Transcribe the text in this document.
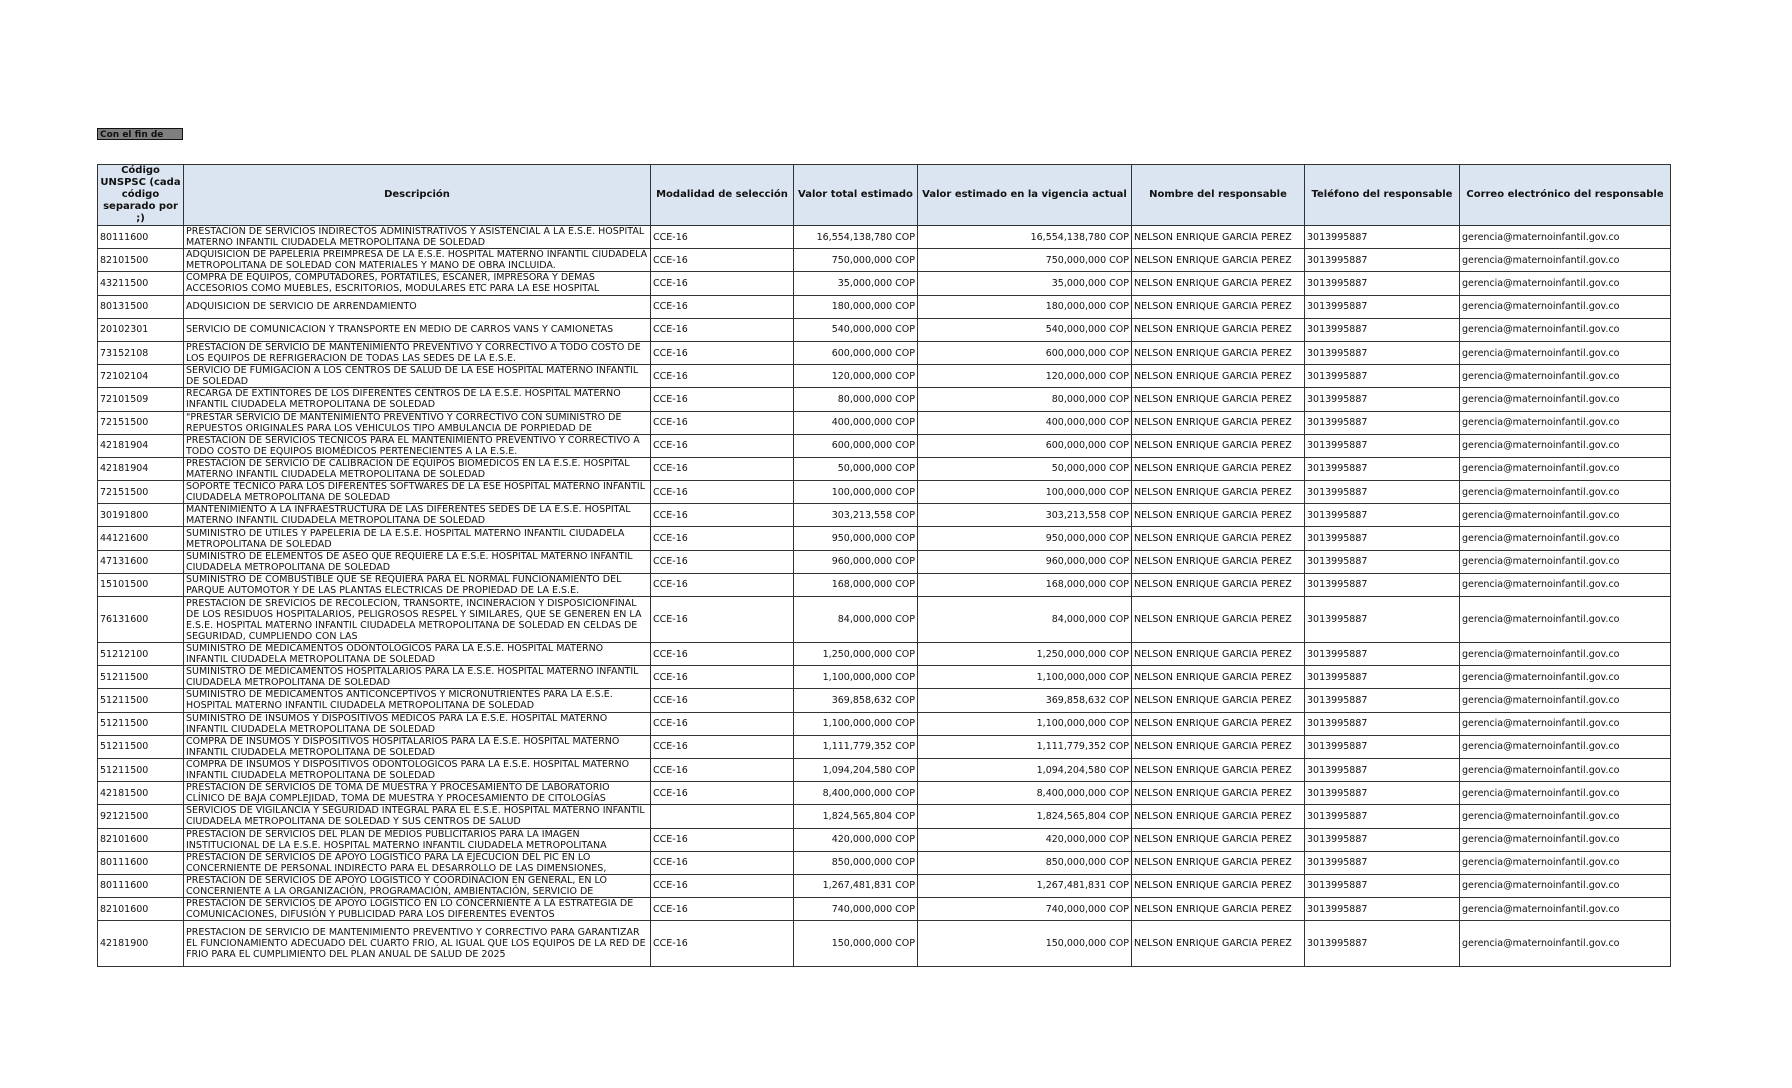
Con el fin de
Código UNSPSC (cada código separado por ;)	Descripción	Modalidad de selección	Valor total estimado	Valor estimado en la vigencia actual	Nombre del responsable	Teléfono del responsable	Correo electrónico del responsable
80111600	PRESTACION DE SERVICIOS INDIRECTOS ADMINISTRATIVOS Y ASISTENCIAL A LA E.S.E. HOSPITAL MATERNO INFANTIL CIUDADELA METROPOLITANA DE SOLEDAD	CCE-16	16,554,138,780 COP	16,554,138,780 COP	NELSON ENRIQUE GARCIA PEREZ	3013995887	gerencia@maternoinfantil.gov.co
82101500	ADQUISICION DE PAPELERIA PREIMPRESA DE LA E.S.E. HOSPITAL MATERNO INFANTIL CIUDADELA METROPOLITANA DE SOLEDAD CON MATERIALES Y MANO DE OBRA INCLUIDA.	CCE-16	750,000,000 COP	750,000,000 COP	NELSON ENRIQUE GARCIA PEREZ	3013995887	gerencia@maternoinfantil.gov.co
43211500	COMPRA DE EQUIPOS, COMPUTADORES, PORTATILES, ESCANER, IMPRESORA Y DEMAS ACCESORIOS COMO MUEBLES, ESCRITORIOS, MODULARES ETC PARA LA ESE HOSPITAL	CCE-16	35,000,000 COP	35,000,000 COP	NELSON ENRIQUE GARCIA PEREZ	3013995887	gerencia@maternoinfantil.gov.co
80131500	ADQUISICION DE SERVICIO DE ARRENDAMIENTO	CCE-16	180,000,000 COP	180,000,000 COP	NELSON ENRIQUE GARCIA PEREZ	3013995887	gerencia@maternoinfantil.gov.co
20102301	SERVICIO DE COMUNICACIÓN Y TRANSPORTE EN MEDIO DE CARROS VANS Y CAMIONETAS	CCE-16	540,000,000 COP	540,000,000 COP	NELSON ENRIQUE GARCIA PEREZ	3013995887	gerencia@maternoinfantil.gov.co
73152108	PRESTACION DE SERVICIO DE MANTENIMIENTO PREVENTIVO Y CORRECTIVO A TODO COSTO DE LOS EQUIPOS DE REFRIGERACION DE TODAS LAS SEDES DE LA E.S.E.	CCE-16	600,000,000 COP	600,000,000 COP	NELSON ENRIQUE GARCIA PEREZ	3013995887	gerencia@maternoinfantil.gov.co
72102104	SERVICIO DE FUMIGACION A LOS CENTROS DE SALUD DE LA ESE HOSPITAL MATERNO INFANTIL DE SOLEDAD	CCE-16	120,000,000 COP	120,000,000 COP	NELSON ENRIQUE GARCIA PEREZ	3013995887	gerencia@maternoinfantil.gov.co
72101509	RECARGA DE EXTINTORES DE LOS DIFERENTES CENTROS DE LA E.S.E. HOSPITAL MATERNO INFANTIL CIUDADELA METROPOLITANA DE SOLEDAD	CCE-16	80,000,000 COP	80,000,000 COP	NELSON ENRIQUE GARCIA PEREZ	3013995887	gerencia@maternoinfantil.gov.co
72151500	"PRESTAR SERVICIO DE MANTENIMIENTO PREVENTIVO Y CORRECTIVO CON SUMINISTRO DE REPUESTOS ORIGINALES PARA LOS VEHICULOS TIPO AMBULANCIA DE PORPIEDAD DE	CCE-16	400,000,000 COP	400,000,000 COP	NELSON ENRIQUE GARCIA PEREZ	3013995887	gerencia@maternoinfantil.gov.co
42181904	PRESTACION DE SERVICIOS TECNICOS PARA EL MANTENIMIENTO PREVENTIVO Y CORRECTIVO A TODO COSTO DE EQUIPOS BIOMÉDICOS PERTENECIENTES A LA E.S.E.	CCE-16	600,000,000 COP	600,000,000 COP	NELSON ENRIQUE GARCIA PEREZ	3013995887	gerencia@maternoinfantil.gov.co
42181904	PRESTACION DE SERVICIO DE CALIBRACION DE EQUIPOS BIOMEDICOS EN LA E.S.E. HOSPITAL MATERNO INFANTIL CIUDADELA METROPOLITANA DE SOLEDAD	CCE-16	50,000,000 COP	50,000,000 COP	NELSON ENRIQUE GARCIA PEREZ	3013995887	gerencia@maternoinfantil.gov.co
72151500	SOPORTE TECNICO PARA LOS DIFERENTES SOFTWARES DE LA ESE HOSPITAL MATERNO INFANTIL CIUDADELA METROPOLITANA DE SOLEDAD	CCE-16	100,000,000 COP	100,000,000 COP	NELSON ENRIQUE GARCIA PEREZ	3013995887	gerencia@maternoinfantil.gov.co
30191800	MANTENIMIENTO A LA INFRAESTRUCTURA DE LAS DIFERENTES SEDES DE LA E.S.E. HOSPITAL MATERNO INFANTIL CIUDADELA METROPOLITANA DE SOLEDAD	CCE-16	303,213,558 COP	303,213,558 COP	NELSON ENRIQUE GARCIA PEREZ	3013995887	gerencia@maternoinfantil.gov.co
44121600	SUMINISTRO DE UTILES Y PAPELERIA DE LA E.S.E. HOSPITAL MATERNO INFANTIL CIUDADELA METROPOLITANA DE SOLEDAD	CCE-16	950,000,000 COP	950,000,000 COP	NELSON ENRIQUE GARCIA PEREZ	3013995887	gerencia@maternoinfantil.gov.co
47131600	SUMINISTRO DE ELEMENTOS DE ASEO QUE REQUIERE LA E.S.E. HOSPITAL MATERNO INFANTIL CIUDADELA METROPOLITANA DE SOLEDAD	CCE-16	960,000,000 COP	960,000,000 COP	NELSON ENRIQUE GARCIA PEREZ	3013995887	gerencia@maternoinfantil.gov.co
15101500	SUMINISTRO DE COMBUSTIBLE QUE SE REQUIERA PARA EL NORMAL FUNCIONAMIENTO DEL PARQUE AUTOMOTOR Y DE LAS PLANTAS ELECTRICAS DE PROPIEDAD DE LA E.S.E.	CCE-16	168,000,000 COP	168,000,000 COP	NELSON ENRIQUE GARCIA PEREZ	3013995887	gerencia@maternoinfantil.gov.co
76131600	PRESTACION DE SREVICIOS DE RECOLECION, TRANSORTE, INCINERACION Y DISPOSICIONFINAL DE LOS RESIDUOS HOSPITALARIOS, PELIGROSOS RESPEL Y SIMILARES, QUE SE GENEREN EN LA E.S.E. HOSPITAL MATERNO INFANTIL CIUDADELA METROPOLITANA DE SOLEDAD EN CELDAS DE SEGURIDAD, CUMPLIENDO CON LAS	CCE-16	84,000,000 COP	84,000,000 COP	NELSON ENRIQUE GARCIA PEREZ	3013995887	gerencia@maternoinfantil.gov.co
51212100	SUMINISTRO DE MEDICAMENTOS ODONTOLOGICOS PARA LA E.S.E. HOSPITAL MATERNO INFANTIL CIUDADELA METROPOLITANA DE SOLEDAD	CCE-16	1,250,000,000 COP	1,250,000,000 COP	NELSON ENRIQUE GARCIA PEREZ	3013995887	gerencia@maternoinfantil.gov.co
51211500	SUMINISTRO DE MEDICAMENTOS HOSPITALARIOS PARA LA E.S.E. HOSPITAL MATERNO INFANTIL CIUDADELA METROPOLITANA DE SOLEDAD	CCE-16	1,100,000,000 COP	1,100,000,000 COP	NELSON ENRIQUE GARCIA PEREZ	3013995887	gerencia@maternoinfantil.gov.co
51211500	SUMINISTRO DE MEDICAMENTOS ANTICONCEPTIVOS Y MICRONUTRIENTES PARA LA E.S.E. HOSPITAL MATERNO INFANTIL CIUDADELA METROPOLITANA DE SOLEDAD	CCE-16	369,858,632 COP	369,858,632 COP	NELSON ENRIQUE GARCIA PEREZ	3013995887	gerencia@maternoinfantil.gov.co
51211500	SUMINISTRO DE INSUMOS Y DISPOSITIVOS MEDICOS PARA LA E.S.E. HOSPITAL MATERNO INFANTIL CIUDADELA METROPOLITANA DE SOLEDAD	CCE-16	1,100,000,000 COP	1,100,000,000 COP	NELSON ENRIQUE GARCIA PEREZ	3013995887	gerencia@maternoinfantil.gov.co
51211500	COMPRA DE INSUMOS Y DISPOSITIVOS HOSPITALARIOS PARA LA E.S.E. HOSPITAL MATERNO INFANTIL CIUDADELA METROPOLITANA DE SOLEDAD	CCE-16	1,111,779,352 COP	1,111,779,352 COP	NELSON ENRIQUE GARCIA PEREZ	3013995887	gerencia@maternoinfantil.gov.co
51211500	COMPRA DE INSUMOS Y DISPOSITIVOS ODONTOLOGICOS PARA LA E.S.E. HOSPITAL MATERNO INFANTIL CIUDADELA METROPOLITANA DE SOLEDAD	CCE-16	1,094,204,580 COP	1,094,204,580 COP	NELSON ENRIQUE GARCIA PEREZ	3013995887	gerencia@maternoinfantil.gov.co
42181500	PRESTACION DE SERVICIOS DE TOMA DE MUESTRA Y PROCESAMIENTO DE LABORATORIO CLÍNICO DE BAJA COMPLEJIDAD, TOMA DE MUESTRA Y PROCESAMIENTO DE CITOLOGÍAS	CCE-16	8,400,000,000 COP	8,400,000,000 COP	NELSON ENRIQUE GARCIA PEREZ	3013995887	gerencia@maternoinfantil.gov.co
92121500	SERVICIOS DE VIGILANCIA Y SEGURIDAD INTEGRAL PARA EL E.S.E. HOSPITAL MATERNO INFANTIL CIUDADELA METROPOLITANA DE SOLEDAD Y SUS CENTROS DE SALUD		1,824,565,804 COP	1,824,565,804 COP	NELSON ENRIQUE GARCIA PEREZ	3013995887	gerencia@maternoinfantil.gov.co
82101600	PRESTACION DE SERVICIOS DEL PLAN DE MEDIOS PUBLICITARIOS PARA LA IMAGEN INSTITUCIONAL DE LA E.S.E. HOSPITAL MATERNO INFANTIL CIUDADELA METROPOLITANA	CCE-16	420,000,000 COP	420,000,000 COP	NELSON ENRIQUE GARCIA PEREZ	3013995887	gerencia@maternoinfantil.gov.co
80111600	PRESTACION DE SERVICIOS DE APOYO LOGISTICO PARA LA EJECUCIÓN DEL PIC EN LO CONCERNIENTE DE PERSONAL INDIRECTO PARA EL DESARROLLO DE LAS DIMENSIONES,	CCE-16	850,000,000 COP	850,000,000 COP	NELSON ENRIQUE GARCIA PEREZ	3013995887	gerencia@maternoinfantil.gov.co
80111600	PRESTACION DE SERVICIOS DE APOYO LOGISTICO Y COORDINACION EN GENERAL, EN LO CONCERNIENTE A LA ORGANIZACIÓN, PROGRAMACIÓN, AMBIENTACIÓN, SERVICIO DE	CCE-16	1,267,481,831 COP	1,267,481,831 COP	NELSON ENRIQUE GARCIA PEREZ	3013995887	gerencia@maternoinfantil.gov.co
82101600	PRESTACION DE SERVICIOS DE APOYO LOGISTICO EN LO CONCERNIENTE A LA ESTRATEGIA DE COMUNICACIONES, DIFUSIÓN Y PUBLICIDAD PARA LOS DIFERENTES EVENTOS	CCE-16	740,000,000 COP	740,000,000 COP	NELSON ENRIQUE GARCIA PEREZ	3013995887	gerencia@maternoinfantil.gov.co
42181900	PRESTACION DE SERVICIO DE MANTENIMIENTO PREVENTIVO Y CORRECTIVO PARA GARANTIZAR EL FUNCIONAMIENTO ADECUADO DEL CUARTO FRIO, AL IGUAL QUE LOS EQUIPOS DE LA RED DE FRIO PARA EL CUMPLIMIENTO DEL PLAN ANUAL DE SALUD DE 2025	CCE-16	150,000,000 COP	150,000,000 COP	NELSON ENRIQUE GARCIA PEREZ	3013995887	gerencia@maternoinfantil.gov.co
